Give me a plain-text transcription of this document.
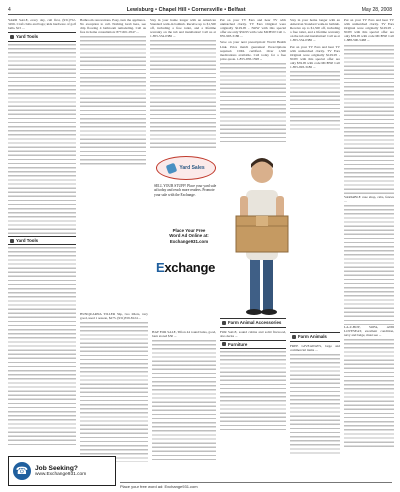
4	Lewisburg • Chapel Hill • Cornersville • Belfast	May 28, 2008
YARD SALE, every day, call first, (931)752-3456. Craft clubs and bags; kids hardware of golf balls. $15 ...
Yard Tools
Yard Tools
Bathroom renovations. Easy, turn the appliance. No exception to call. Nothing Grab here, see drip flooring 4 bathroom remodeling. Call us free in home consultation: 877-601-0547 ...
HUNQUARNA TILLER 5hp, two tillers, very good, used 1 season, $275. (931)359-8124 ...
Stay in your home longer with an American Standard walk-in bathtub. Receive up to $1,500 off, including a free toilet, and a lifetime warranty on the tub and installation! Call us at 1-855-534-0386 ...
HAY FOR SALE, Tifton 44 round bales, good, barn stored $50 ...
Put on your TV Ears and hear TV with unmatched clarity. TV Ears Original were originally $129.95 - NOW with this special offer are only $59.95 with code MCB59! Call 1-855-993-3186 ...
Save on your next prescription! World Health Link. Price match guarantee! Prescriptions required. CIPA certified. Over 1,500 medications available. Call today for a free price quote. 1-855-958-1598 ...
Farm Animal Accessories
FOR SALE, sound cabins and solid firewood, also decks ...
Furniture
Stay in your home longer with an American Standard walk-in bathtub. Receive up to $1,500 off, including a free toilet, and a lifetime warranty on the tub and installation! Call us at 1-855-534-0386 ...
Put on your TV Ears and hear TV with unmatched clarity. TV Ears Original were originally $129.95 - NOW with this special offer are only $59.95 with code MCB59! Call 1-855-993-3186 ...
Farm Animals
FREE GIVEAWAYS, large and commercial items ...
Put on your TV Ears and hear TV with unmatched clarity. TV Ears Original were originally $129.95 - NOW with this special offer are only $59.95 with code MCB59! Call 1-888-590-5468 ...
VARIABLE case shop, cabs, fences ...
LA-Z-BOY, SOFA, AND LOVESEAT, excellent condition, navy and beige, must see ...
Yard Sales
SELL YOUR STUFF! Place your yard sale ad today and reach more readers. Promote your sale with the Exchange.
Place Your Free
Word Ad Online at:
Exchange931.com
Exchange
☎	Job Seeking?
www.Exchange931.com
Place your free word ad: Exchange931.com
